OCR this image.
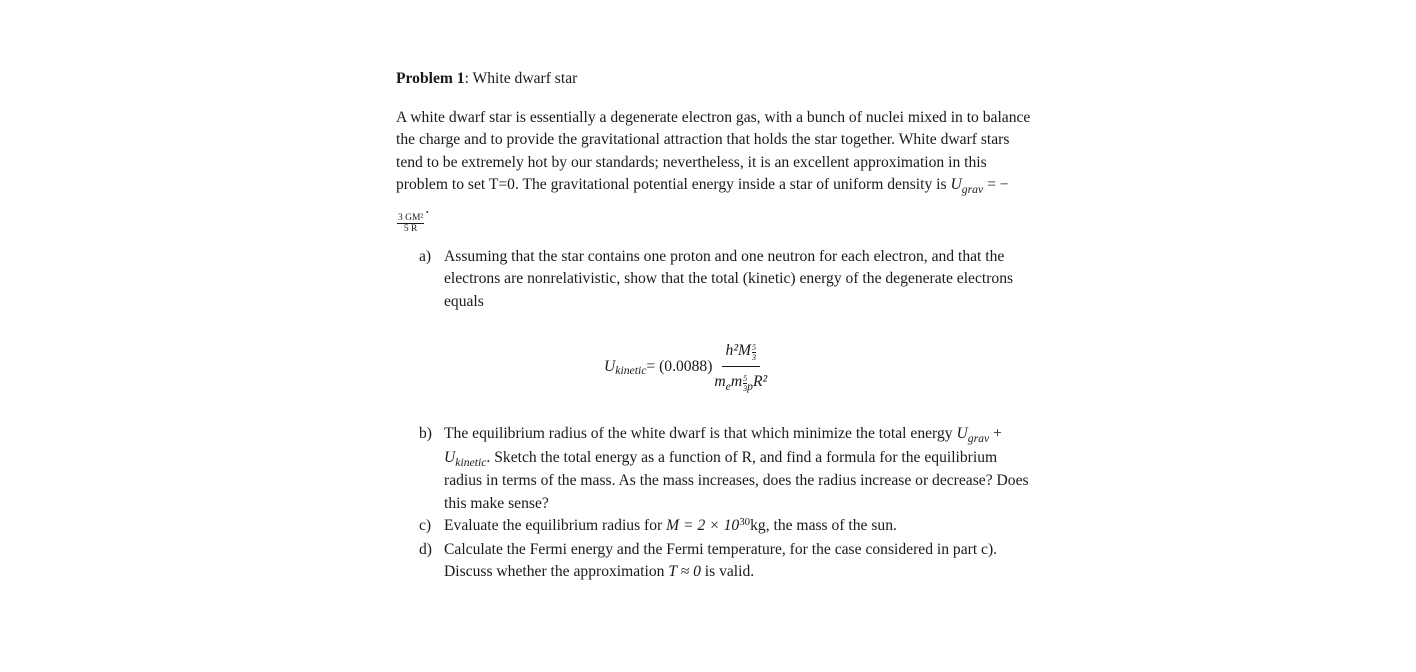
Problem 1: White dwarf star

A white dwarf star is essentially a degenerate electron gas, with a bunch of nuclei mixed in to balance the charge and to provide the gravitational attraction that holds the star together. White dwarf stars tend to be extremely hot by our standards; nevertheless, it is an excellent approximation in this problem to set T=0. The gravitational potential energy inside a star of uniform density is $U_{grav}$ = −
$\frac{\text{3 GM²}}{5 R}$
.

a) Assuming that the star contains one proton and one neutron for each electron, and that the electrons are nonrelativistic, show that the total (kinetic) energy of the degenerate electrons equals
U kinetic = $(0.0088) \frac{h^2M \frac{5}{3}}{m_em \frac{5}{3} _pR^2}$
b) The equilibrium radius of the white dwarf is that which minimize the total energy $U_{grav} + U_{kinetic}$. Sketch the total energy as a function of R, and find a formula for the equilibrium radius in terms of the mass. As the mass increases, does the radius increase or decrease? Does this make sense?
c) Evaluate the equilibrium radius for $M = 2 \times 10^{30}kg$, the mass of the sun.
d) Calculate the Fermi energy and the Fermi temperature, for the case considered in part c). Discuss whether the approximation T ≈ 0 is valid.
